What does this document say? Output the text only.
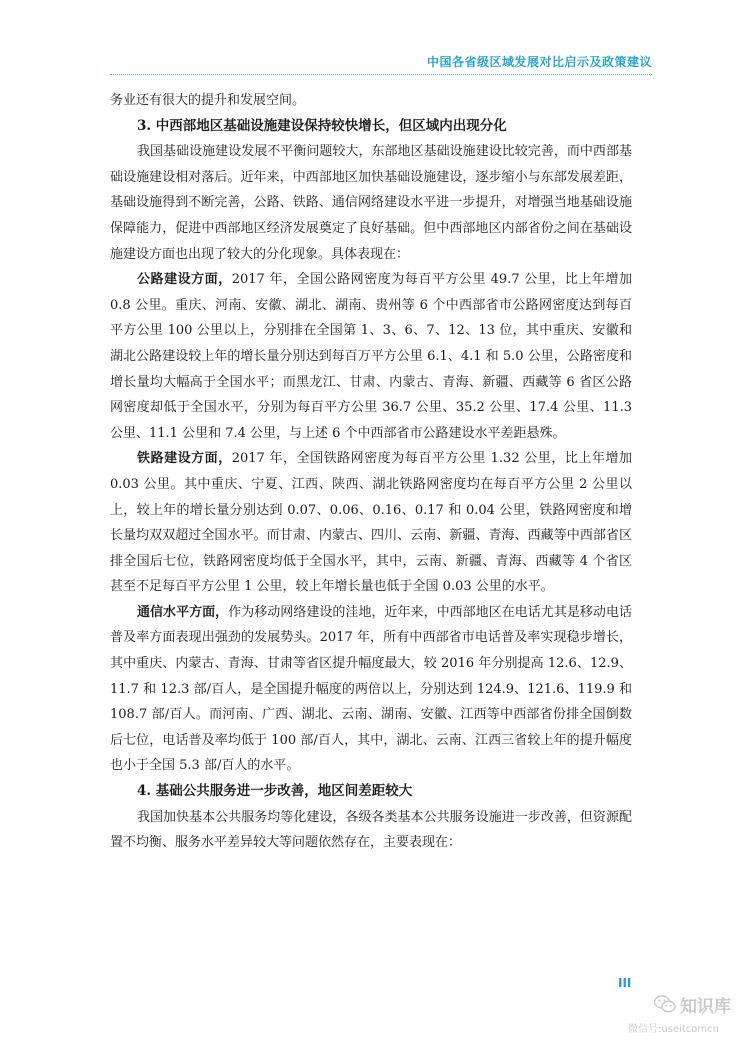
中国各省级区域发展对比启示及政策建议

务业还有很大的提升和发展空间。

3. 中西部地区基础设施建设保持较快增长，但区域内出现分化

我国基础设施建设发展不平衡问题较大，东部地区基础设施建设比较完善，而中西部基础设施建设相对落后。近年来，中西部地区加快基础设施建设，逐步缩小与东部发展差距，基础设施得到不断完善，公路、铁路、通信网络建设水平进一步提升，对增强当地基础设施保障能力，促进中西部地区经济发展奠定了良好基础。但中西部地区内部省份之间在基础设施建设方面也出现了较大的分化现象。具体表现在：

公路建设方面，2017 年，全国公路网密度为每百平方公里 49.7 公里，比上年增加 0.8 公里。重庆、河南、安徽、湖北、湖南、贵州等 6 个中西部省市公路网密度达到每百平方公里 100 公里以上，分别排在全国第 1、3、6、7、12、13 位，其中重庆、安徽和湖北公路建设较上年的增长量分别达到每百万平方公里 6.1、4.1 和 5.0 公里，公路密度和增长量均大幅高于全国水平；而黑龙江、甘肃、内蒙古、青海、新疆、西藏等 6 省区公路网密度却低于全国水平，分别为每百平方公里 36.7 公里、35.2 公里、17.4 公里、11.3 公里、11.1 公里和 7.4 公里，与上述 6 个中西部省市公路建设水平差距悬殊。

铁路建设方面，2017 年，全国铁路网密度为每百平方公里 1.32 公里，比上年增加 0.03 公里。其中重庆、宁夏、江西、陕西、湖北铁路网密度均在每百平方公里 2 公里以上，较上年的增长量分别达到 0.07、0.06、0.16、0.17 和 0.04 公里，铁路网密度和增长量均双双超过全国水平。而甘肃、内蒙古、四川、云南、新疆、青海、西藏等中西部省区排全国后七位，铁路网密度均低于全国水平，其中，云南、新疆、青海、西藏等 4 个省区甚至不足每百平方公里 1 公里，较上年增长量也低于全国 0.03 公里的水平。

通信水平方面，作为移动网络建设的洼地，近年来，中西部地区在电话尤其是移动电话普及率方面表现出强劲的发展势头。2017 年，所有中西部省市电话普及率实现稳步增长，其中重庆、内蒙古、青海、甘肃等省区提升幅度最大，较 2016 年分别提高 12.6、12.9、11.7 和 12.3 部/百人，是全国提升幅度的两倍以上，分别达到 124.9、121.6、119.9 和 108.7 部/百人。而河南、广西、湖北、云南、湖南、安徽、江西等中西部省份排全国倒数后七位，电话普及率均低于 100 部/百人，其中，湖北、云南、江西三省较上年的提升幅度也小于全国 5.3 部/百人的水平。

4. 基础公共服务进一步改善，地区间差距较大

我国加快基本公共服务均等化建设，各级各类基本公共服务设施进一步改善，但资源配置不均衡、服务水平差异较大等问题依然存在，主要表现在：

III
知识库
微信号:useitcomcn
